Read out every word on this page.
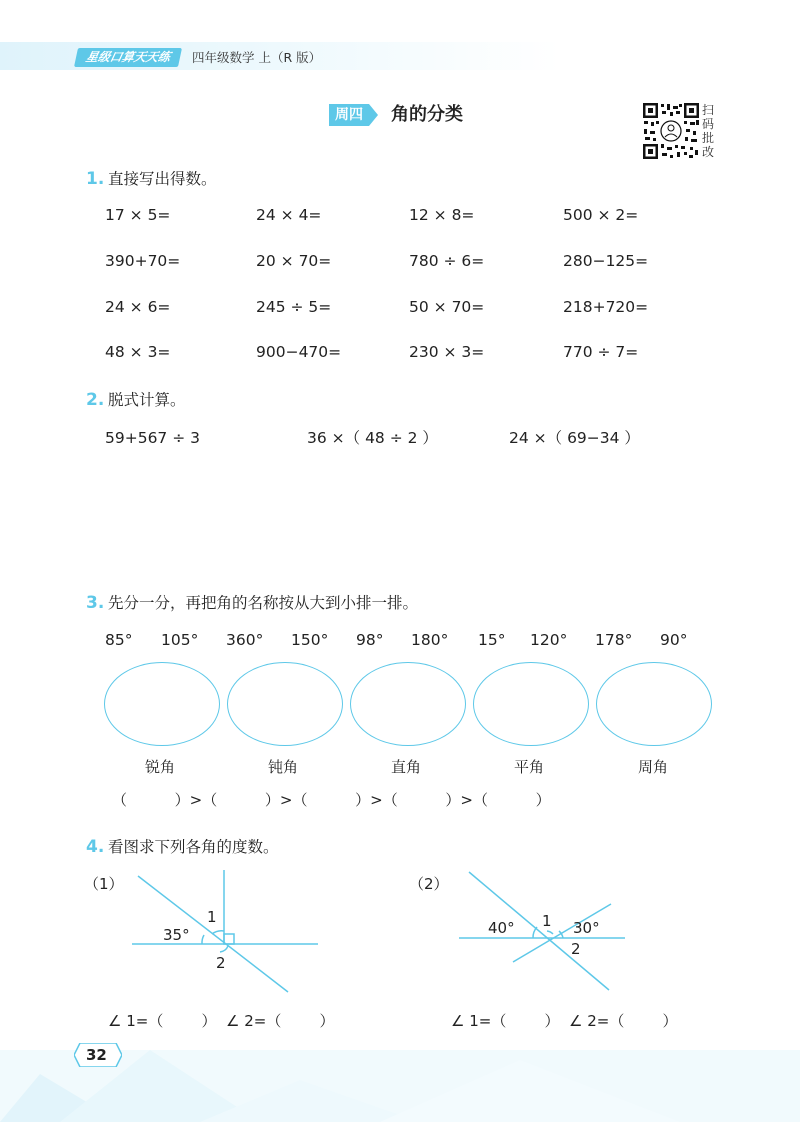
星级口算天天练	四年级数学 上（R 版）
周四	角的分类	扫码批改
1. 直接写出得数。
17 × 5=	24 × 4=	12 × 8=	500 × 2=
390+70=	20 × 70=	780 ÷ 6=	280−125=
24 × 6=	245 ÷ 5=	50 × 70=	218+720=
48 × 3=	900−470=	230 × 3=	770 ÷ 7=
2. 脱式计算。
59+567 ÷ 3	36 ×（ 48 ÷ 2 ）	24 ×（ 69−34 ）
3. 先分一分，再把角的名称按从大到小排一排。
85° 105° 360° 150° 98° 180° 15° 120° 178° 90°
锐角	钝角	直角	平角	周角
（          ）>（          ）>（          ）>（          ）>（          ）
4. 看图求下列各角的度数。
（1）	（2）
35°
1
2
40°	30°
1
2
∠ 1=（        ）  ∠ 2=（        ）	∠ 1=（        ）  ∠ 2=（        ）
32
